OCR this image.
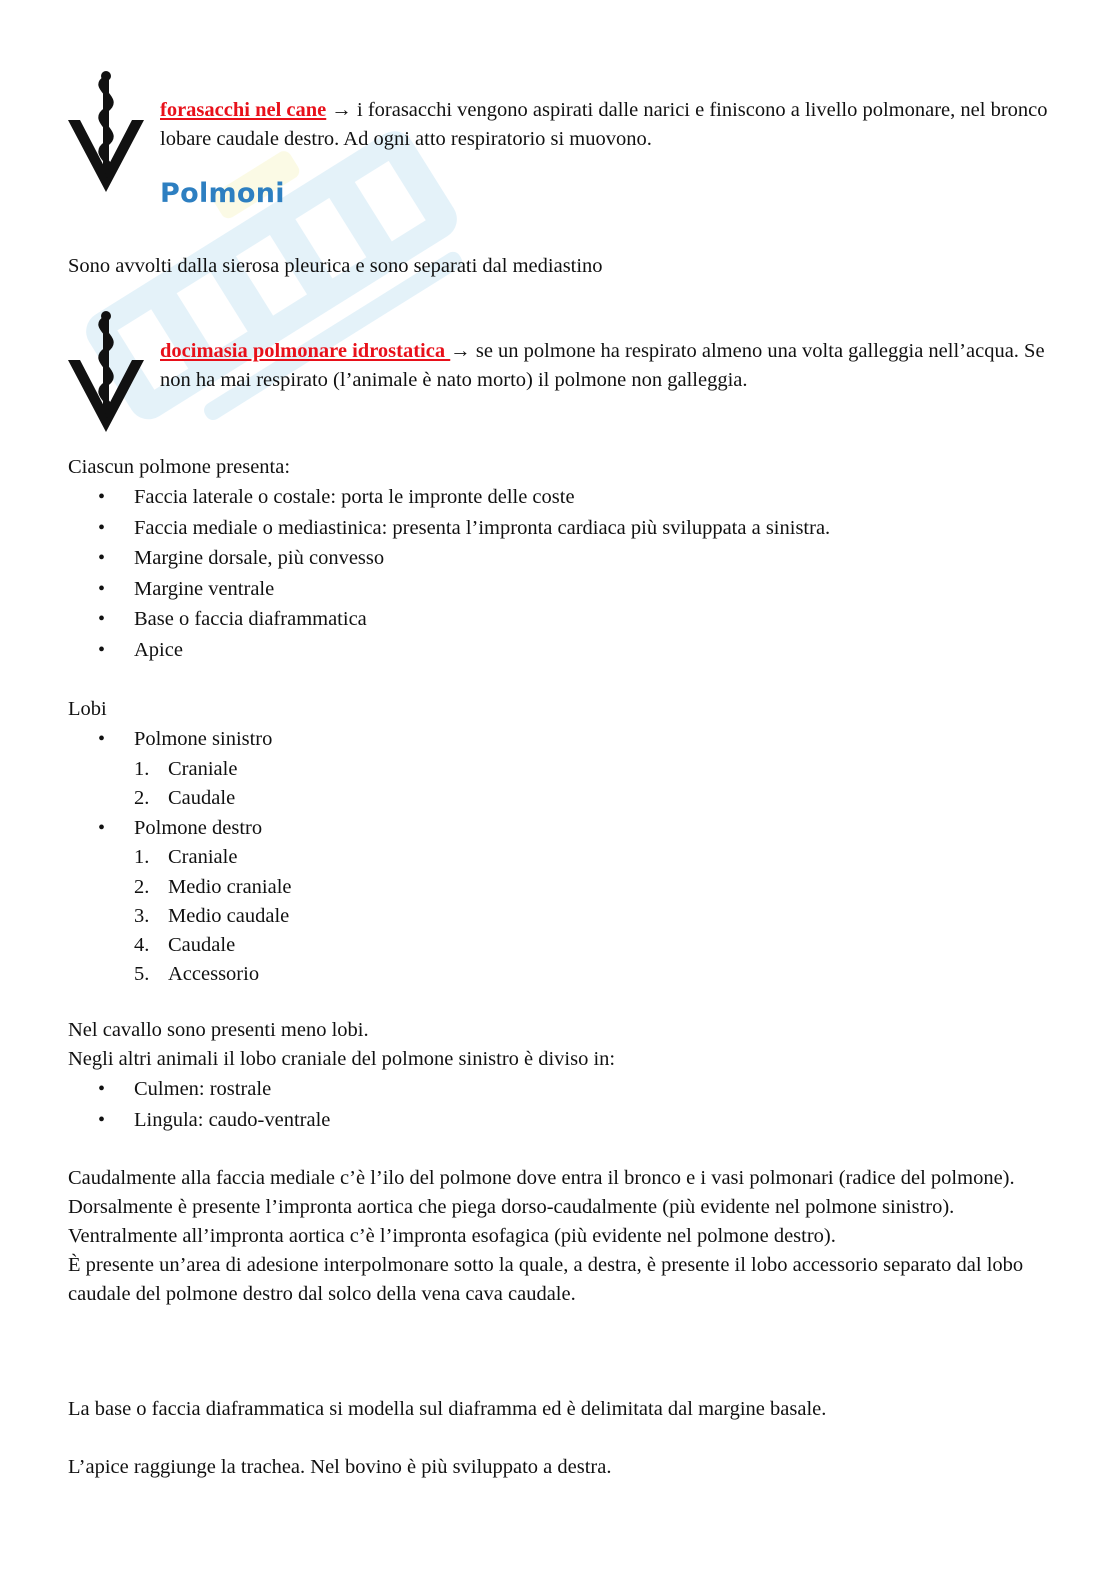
forasacchi nel cane → i forasacchi vengono aspirati dalle narici e finiscono a livello polmonare, nel bronco lobare caudale destro. Ad ogni atto respiratorio si muovono.
Polmoni
Sono avvolti dalla sierosa pleurica e sono separati dal mediastino
docimasia polmonare idrostatica → se un polmone ha respirato almeno una volta galleggia nell’acqua. Se non ha mai respirato (l’animale è nato morto) il polmone non galleggia.

Ciascun polmone presenta:

• Faccia laterale o costale: porta le impronte delle coste
• Faccia mediale o mediastinica: presenta l’impronta cardiaca più sviluppata a sinistra.
• Margine dorsale, più convesso
• Margine ventrale
• Base o faccia diaframmatica
• Apice

Lobi

• Polmone sinistro
1. Craniale
2. Caudale
• Polmone destro
1. Craniale
2. Medio craniale
3. Medio caudale
4. Caudale
5. Accessorio

Nel cavallo sono presenti meno lobi.

Negli altri animali il lobo craniale del polmone sinistro è diviso in:

• Culmen: rostrale
• Lingula: caudo-ventrale

Caudalmente alla faccia mediale c’è l’ilo del polmone dove entra il bronco e i vasi polmonari (radice del polmone).

Dorsalmente è presente l’impronta aortica che piega dorso-caudalmente (più evidente nel polmone sinistro).

Ventralmente all’impronta aortica c’è l’impronta esofagica (più evidente nel polmone destro).

È presente un’area di adesione interpolmonare sotto la quale, a destra, è presente il lobo accessorio separato dal lobo caudale del polmone destro dal solco della vena cava caudale.

La base o faccia diaframmatica si modella sul diaframma ed è delimitata dal margine basale.
L’apice raggiunge la trachea. Nel bovino è più sviluppato a destra.
